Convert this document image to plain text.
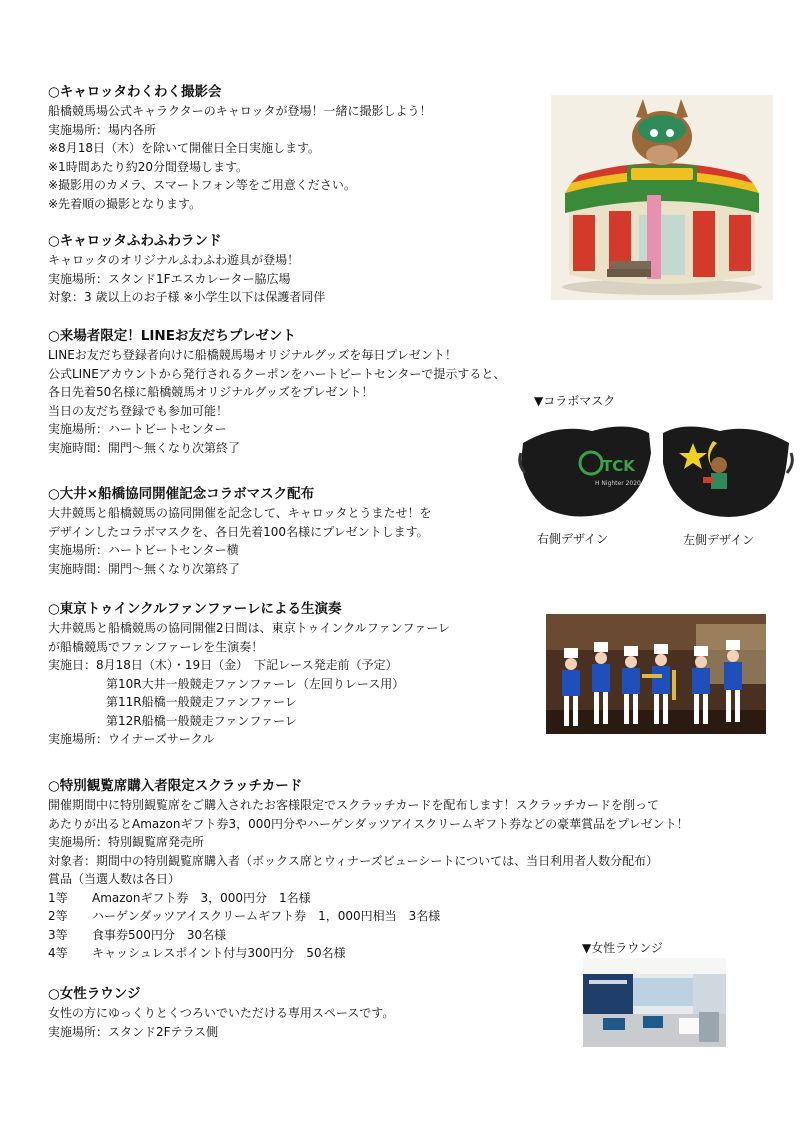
○キャロッタわくわく撮影会
船橋競馬場公式キャラクターのキャロッタが登場！一緒に撮影しよう！
実施場所：場内各所
※8月18日（木）を除いて開催日全日実施します。
※1時間あたり約20分間登場します。
※撮影用のカメラ、スマートフォン等をご用意ください。
※先着順の撮影となります。
○キャロッタふわふわランド
キャロッタのオリジナルふわふわ遊具が登場！
実施場所：スタンド1Fエスカレーター脇広場
対象：3 歳以上のお子様 ※小学生以下は保護者同伴
○来場者限定！LINEお友だちプレゼント
LINEお友だち登録者向けに船橋競馬場オリジナルグッズを毎日プレゼント！
公式LINEアカウントから発行されるクーポンをハートビートセンターで提示すると、
各日先着50名様に船橋競馬オリジナルグッズをプレゼント！
当日の友だち登録でも参加可能！
実施場所：ハートビートセンター
実施時間：開門～無くなり次第終了
○大井×船橋協同開催記念コラボマスク配布
大井競馬と船橋競馬の協同開催を記念して、キャロッタとうまたせ！を
デザインしたコラボマスクを、各日先着100名様にプレゼントします。
実施場所：ハートビートセンター横
実施時間：開門～無くなり次第終了
○東京トゥインクルファンファーレによる生演奏
大井競馬と船橋競馬の協同開催2日間は、東京トゥインクルファンファーレ
が船橋競馬でファンファーレを生演奏！
実施日：8月18日（木）・19日（金）　下記レース発走前（予定）
第10R大井一般競走ファンファーレ（左回りレース用）
第11R船橋一般競走ファンファーレ
第12R船橋一般競走ファンファーレ
実施場所：ウイナーズサークル
○特別観覧席購入者限定スクラッチカード
開催期間中に特別観覧席をご購入されたお客様限定でスクラッチカードを配布します！スクラッチカードを削って
あたりが出るとAmazonギフト券3，000円分やハーゲンダッツアイスクリームギフト券などの豪華賞品をプレゼント！
実施場所：特別観覧席発売所
対象者：期間中の特別観覧席購入者（ボックス席とウィナーズビューシートについては、当日利用者人数分配布）
賞品（当選人数は各日）
1等 Amazonギフト券　3，000円分　1名様
2等 ハーゲンダッツアイスクリームギフト券　1，000円相当　3名様
3等 食事券500円分　30名様
4等 キャッシュレスポイント付与300円分　50名様
○女性ラウンジ
女性の方にゆっくりとくつろいでいただける専用スペースです。
実施場所：スタンド2Fテラス側
▼コラボマスク
TCK
H Nighter 2020
右側デザイン	左側デザイン
▼女性ラウンジ
